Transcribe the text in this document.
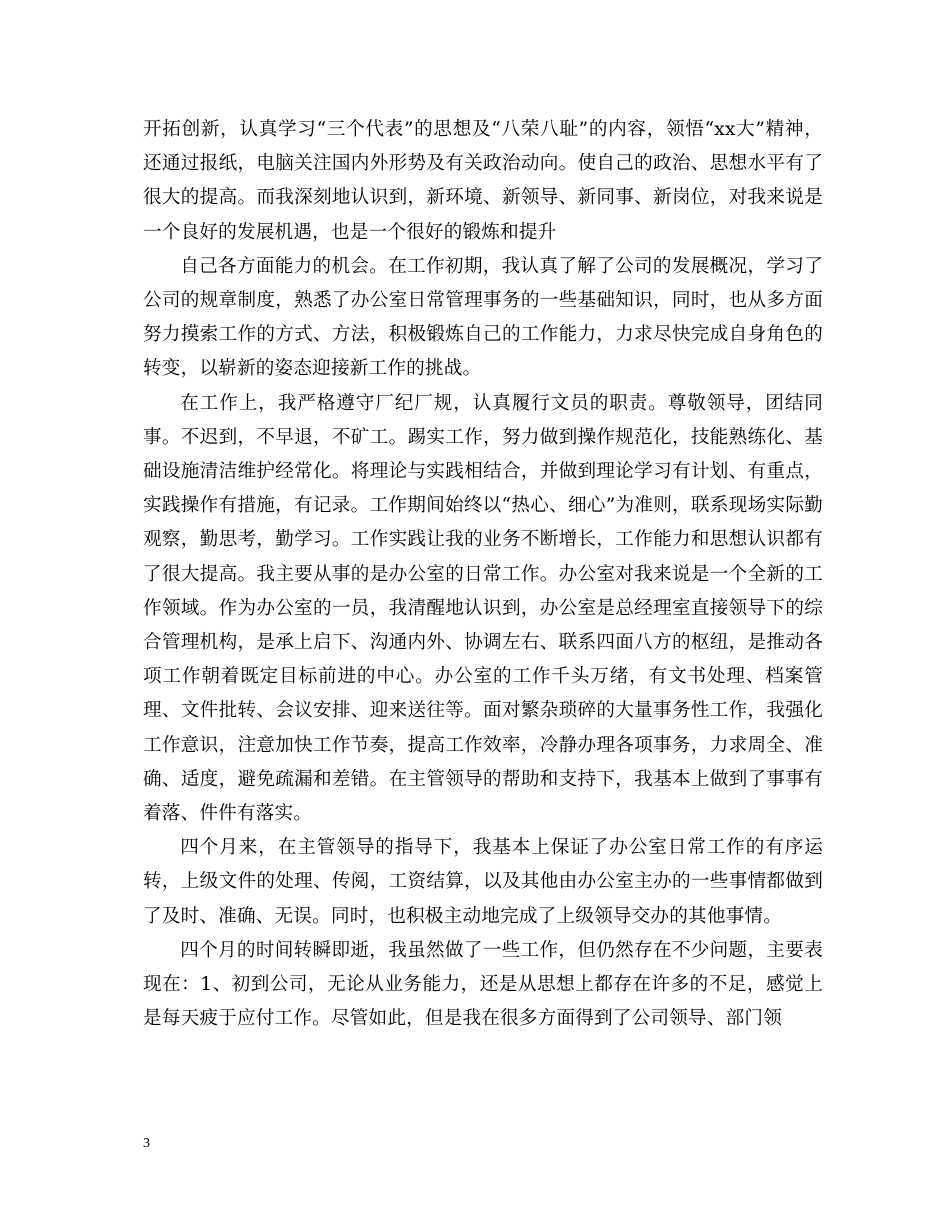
开拓创新，认真学习“三个代表”的思想及“八荣八耻”的内容，领悟“xx大”精神，还通过报纸，电脑关注国内外形势及有关政治动向。使自己的政治、思想水平有了很大的提高。而我深刻地认识到，新环境、新领导、新同事、新岗位，对我来说是一个良好的发展机遇，也是一个很好的锻炼和提升

自己各方面能力的机会。在工作初期，我认真了解了公司的发展概况，学习了公司的规章制度，熟悉了办公室日常管理事务的一些基础知识，同时，也从多方面努力摸索工作的方式、方法，积极锻炼自己的工作能力，力求尽快完成自身角色的转变，以崭新的姿态迎接新工作的挑战。

在工作上，我严格遵守厂纪厂规，认真履行文员的职责。尊敬领导，团结同事。不迟到，不早退，不矿工。踢实工作，努力做到操作规范化，技能熟练化、基础设施清洁维护经常化。将理论与实践相结合，并做到理论学习有计划、有重点，实践操作有措施，有记录。工作期间始终以“热心、细心”为准则，联系现场实际勤观察，勤思考，勤学习。工作实践让我的业务不断增长，工作能力和思想认识都有了很大提高。我主要从事的是办公室的日常工作。办公室对我来说是一个全新的工作领域。作为办公室的一员，我清醒地认识到，办公室是总经理室直接领导下的综合管理机构，是承上启下、沟通内外、协调左右、联系四面八方的枢纽，是推动各项工作朝着既定目标前进的中心。办公室的工作千头万绪，有文书处理、档案管理、文件批转、会议安排、迎来送往等。面对繁杂琐碎的大量事务性工作，我强化工作意识，注意加快工作节奏，提高工作效率，冷静办理各项事务，力求周全、准确、适度，避免疏漏和差错。在主管领导的帮助和支持下，我基本上做到了事事有着落、件件有落实。

四个月来，在主管领导的指导下，我基本上保证了办公室日常工作的有序运转，上级文件的处理、传阅，工资结算，以及其他由办公室主办的一些事情都做到了及时、准确、无误。同时，也积极主动地完成了上级领导交办的其他事情。

四个月的时间转瞬即逝，我虽然做了一些工作，但仍然存在不少问题，主要表现在：1、初到公司，无论从业务能力，还是从思想上都存在许多的不足，感觉上是每天疲于应付工作。尽管如此，但是我在很多方面得到了公司领导、部门领

3
